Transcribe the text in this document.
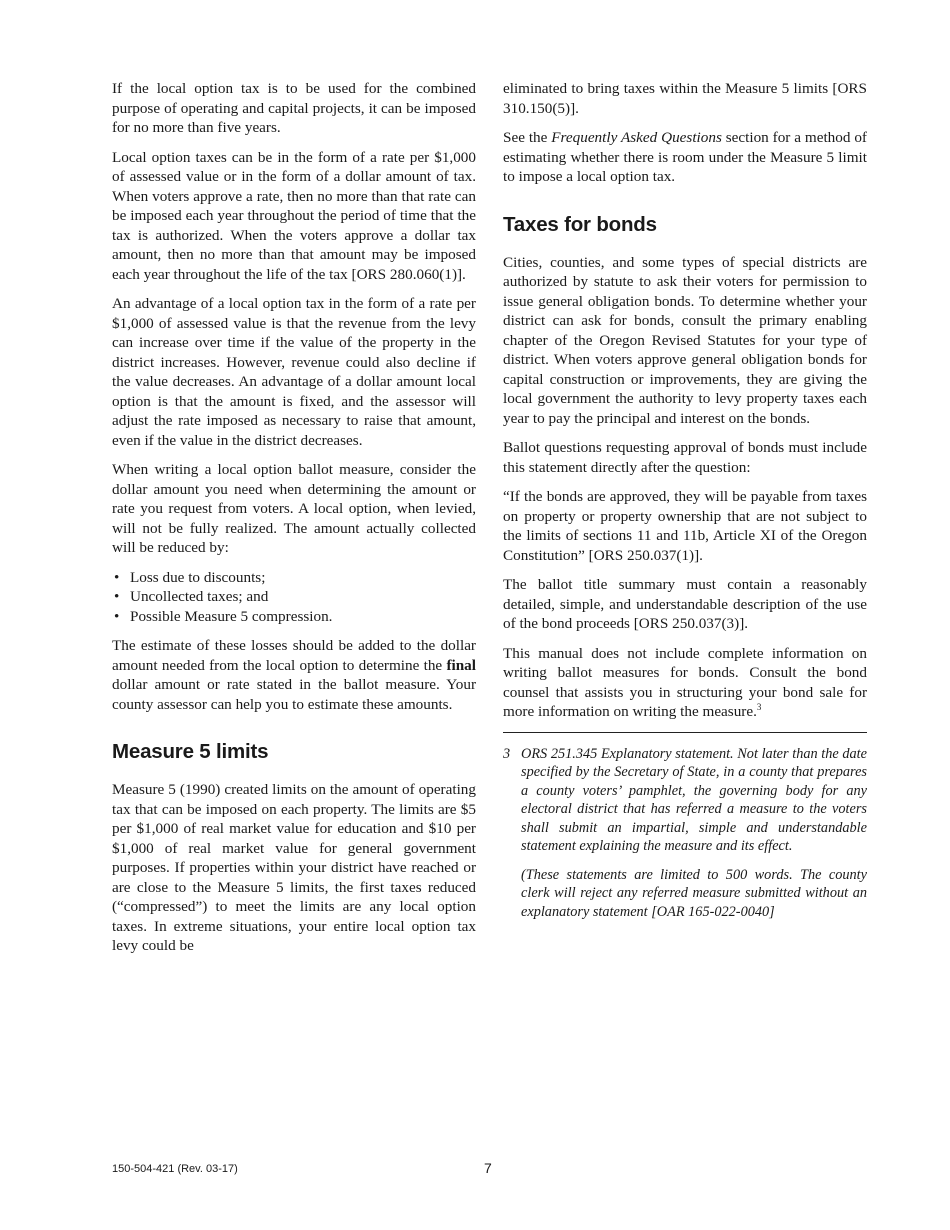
If the local option tax is to be used for the combined purpose of operating and capital projects, it can be imposed for no more than five years.

Local option taxes can be in the form of a rate per $1,000 of assessed value or in the form of a dollar amount of tax. When voters approve a rate, then no more than that rate can be imposed each year throughout the period of time that the tax is authorized. When the voters approve a dollar tax amount, then no more than that amount may be imposed each year throughout the life of the tax [ORS 280.060(1)].

An advantage of a local option tax in the form of a rate per $1,000 of assessed value is that the revenue from the levy can increase over time if the value of the property in the district increases. However, revenue could also decline if the value decreases. An advantage of a dollar amount local option is that the amount is fixed, and the assessor will adjust the rate imposed as necessary to raise that amount, even if the value in the district decreases.

When writing a local option ballot measure, consider the dollar amount you need when determining the amount or rate you request from voters. A local option, when levied, will not be fully realized. The amount actually collected will be reduced by:

• Loss due to discounts;
• Uncollected taxes; and
• Possible Measure 5 compression.

The estimate of these losses should be added to the dollar amount needed from the local option to determine the final dollar amount or rate stated in the ballot measure. Your county assessor can help you to estimate these amounts.

Measure 5 limits

Measure 5 (1990) created limits on the amount of operating tax that can be imposed on each property. The limits are $5 per $1,000 of real market value for education and $10 per $1,000 of real market value for general government purposes. If properties within your district have reached or are close to the Measure 5 limits, the first taxes reduced (“compressed”) to meet the limits are any local option taxes. In extreme situations, your entire local option tax levy could be

eliminated to bring taxes within the Measure 5 limits [ORS 310.150(5)].

See the Frequently Asked Questions section for a method of estimating whether there is room under the Measure 5 limit to impose a local option tax.

Taxes for bonds

Cities, counties, and some types of special districts are authorized by statute to ask their voters for permission to issue general obligation bonds. To determine whether your district can ask for bonds, consult the primary enabling chapter of the Oregon Revised Statutes for your type of district. When voters approve general obligation bonds for capital construction or improvements, they are giving the local government the authority to levy property taxes each year to pay the principal and interest on the bonds.

Ballot questions requesting approval of bonds must include this statement directly after the question:

“If the bonds are approved, they will be payable from taxes on property or property ownership that are not subject to the limits of sections 11 and 11b, Article XI of the Oregon Constitution” [ORS 250.037(1)].

The ballot title summary must contain a reasonably detailed, simple, and understandable description of the use of the bond proceeds [ORS 250.037(3)].

This manual does not include complete information on writing ballot measures for bonds. Consult the bond counsel that assists you in structuring your bond sale for more information on writing the measure.$^3$

3 ORS 251.345 Explanatory statement. Not later than the date specified by the Secretary of State, in a county that prepares a county voters’ pamphlet, the governing body for any electoral district that has referred a measure to the voters shall submit an impartial, simple and understandable statement explaining the measure and its effect.

(These statements are limited to 500 words. The county clerk will reject any referred measure submitted without an explanatory statement [OAR 165-022-0040]

150-504-421 (Rev. 03-17)	7
